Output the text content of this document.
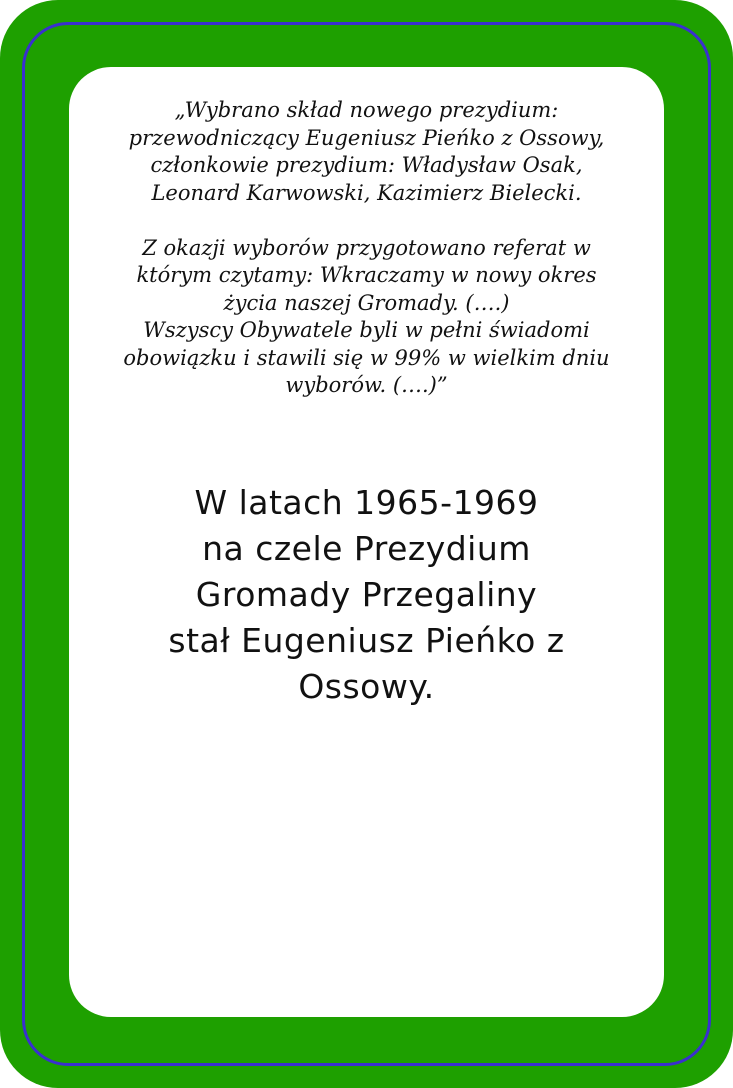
„Wybrano skład nowego prezydium:

przewodniczący Eugeniusz Pieńko z Ossowy,

członkowie prezydium: Władysław Osak,

Leonard Karwowski, Kazimierz Bielecki.

Z okazji wyborów przygotowano referat w

którym czytamy: Wkraczamy w nowy okres

życia naszej Gromady. (….)

Wszyscy Obywatele byli w pełni świadomi

obowiązku i stawili się w 99% w wielkim dniu

wyborów. (….)”

W latach 1965-1969

na czele Prezydium

Gromady Przegaliny

stał Eugeniusz Pieńko z

Ossowy.
